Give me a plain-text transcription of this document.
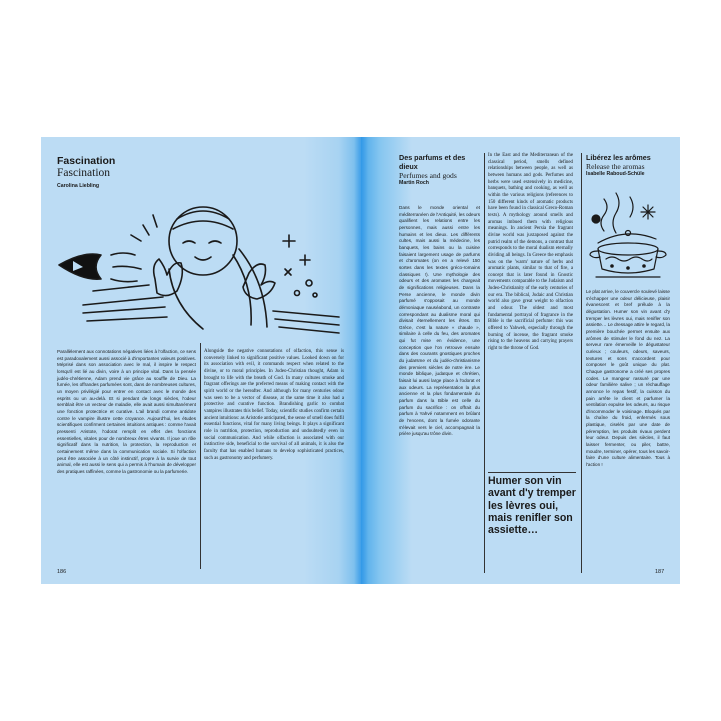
Fascination
Fascination
Carolina Liebling

Parallèlement aux connotations négatives liées à l'olfaction, ce sens est paradoxalement aussi associé à d'importantes valeurs positives. Méprisé dans son association avec le mal, il inspire le respect lorsqu'il est lié au divin, voire à un principe vital. Dans la pensée judéo-chrétienne, Adam prend vie grâce au souffle de Dieu. La fumée, les offrandes parfumées sont, dans de nombreuses cultures, un moyen privilégié pour entrer en contact avec le monde des esprits ou un au-delà. Et si pendant de longs siècles, l'odeur semblait être un vecteur de maladie, elle avait aussi simultanément une fonction protectrice et curative. L'ail brandi comme antidote contre le vampire illustre cette croyance. Aujourd'hui, les études scientifiques confirment certaines intuitions antiques : comme l'avait pressenti Aristote, l'odorat remplit en effet des fonctions essentielles, vitales pour de nombreux êtres vivants. Il joue un rôle significatif dans la nutrition, la protection, la reproduction et certainement même dans la communication sociale. Si l'olfaction peut être associée à un côté instinctif, propre à la survie de tout animal, elle est aussi le sens qui a permis à l'humain de développer des pratiques raffinées, comme la gastronomie ou la parfumerie.

Alongside the negative connotations of olfaction, this sense is conversely linked to significant positive values. Looked down on for its association with evil, it commands respect when related to the divine, or to moral principles. In Judeo-Christian thought, Adam is brought to life with the breath of God. In many cultures smoke and fragrant offerings are the preferred means of making contact with the spirit world or the hereafter. And although for many centuries odour was seen to be a vector of disease, at the same time it also had a protective and curative function. Brandishing garlic to combat vampires illustrates this belief. Today, scientific studies confirm certain ancient intuitions: as Aristotle anticipated, the sense of smell does fulfil essential functions, vital for many living beings. It plays a significant role in nutrition, protection, reproduction and undoubtedly even in social communication. And while olfaction is associated with our instinctive side, beneficial to the survival of all animals, it is also the faculty that has enabled humans to develop sophisticated practices, such as gastronomy and perfumery.

186
Des parfums et des dieux
Perfumes and gods
Martin Roch

Dans le monde oriental et méditerranéen de l'Antiquité, les odeurs qualifient les relations entre les personnes, mais aussi entre les humains et les dieux. Les différents cultes, mais aussi la médecine, les banquets, les bains ou la cuisine faisaient largement usage de parfums et d'aromates (on en a relevé 150 sortes dans les textes gréco-romains classiques !). Une mythologie des odeurs et des aromates les chargeait de significations religieuses. Dans la Perse ancienne, le monde divin parfumé s'opposait au monde démoniaque nauséabond, un contraste correspondant au dualisme moral qui divisait éternellement les êtres. En Grèce, c'est la nature « chaude », similaire à celle du feu, des aromates qui fut mise en évidence, une conception que l'on retrouve ensuite dans des courants gnostiques proches du judaïsme et du judéo-christianisme des premiers siècles de notre ère. Le monde biblique, judaïque et chrétien, faisait lui aussi large place à l'odorat et aux odeurs. La représentation la plus ancienne et la plus fondamentale du parfum dans la Bible est celle du parfum du sacrifice : on offrait du parfum à Yahvé notamment en brûlant de l'encens, dont la fumée odorante s'élevait vers le ciel, accompagnait la prière jusqu'au trône divin.

In the East and the Mediterranean of the classical period, smells defined relationships between people, as well as between humans and gods. Perfumes and herbs were used extensively in medicine, banquets, bathing and cooking, as well as within the various religions (references to 150 different kinds of aromatic products have been found in classical Greco-Roman texts). A mythology around smells and aromas imbued them with religious meanings. In ancient Persia the fragrant divine world was juxtaposed against the putrid realm of the demons, a contrast that corresponds to the moral dualism eternally dividing all beings. In Greece the emphasis was on the 'warm' nature of herbs and aromatic plants, similar to that of fire, a concept that is later found in Gnostic movements comparable to the Judaism and Judeo-Christianity of the early centuries of our era. The biblical, Judaic and Christian world also gave great weight to olfaction and odour. The oldest and most fundamental portrayal of fragrance in the Bible is the sacrificial perfume: this was offered to Yahweh, especially through the burning of incense, the fragrant smoke rising to the heavens and carrying prayers right to the throne of God.

Humer son vin avant d'y tremper les lèvres oui, mais renifler son assiette…

Libérez les arômes
Release the aromas
Isabelle Raboud-Schüle

Le plat arrive, le couvercle soulevé laisse s'échapper une odeur délicieuse, plaisir évanescent et bref prélude à la dégustation. Humer son vin avant d'y tremper les lèvres oui, mais renifler son assiette… Le dressage attire le regard, la première bouchée permet ensuite aux arômes de stimuler le fond du nez. La serveur rare émerveille le dégustateur curieux ; couleurs, odeurs, saveurs, textures et sons s'accordent pour composer le goût unique du plat. Chaque gastronome a créé ses propres codes. Le mangeur rassuré par une odeur familière salive ; un réchauffage annonce le repas festif, la cuisson du pain arrête le client et parfumer la ventilation expulse les odeurs, au risque d'incommoder le voisinage. Bloqués par la chaîne du froid, enfermés sous plastique, ciselés par une date de péremption, les produits rivaux perdent leur odeur. Depuis des siècles, il faut laisser fermenter, ou piler, battre, moudre, terminer, opérer, tous les savoir-faire d'une culture alimentaire. Tous à l'action !

187
